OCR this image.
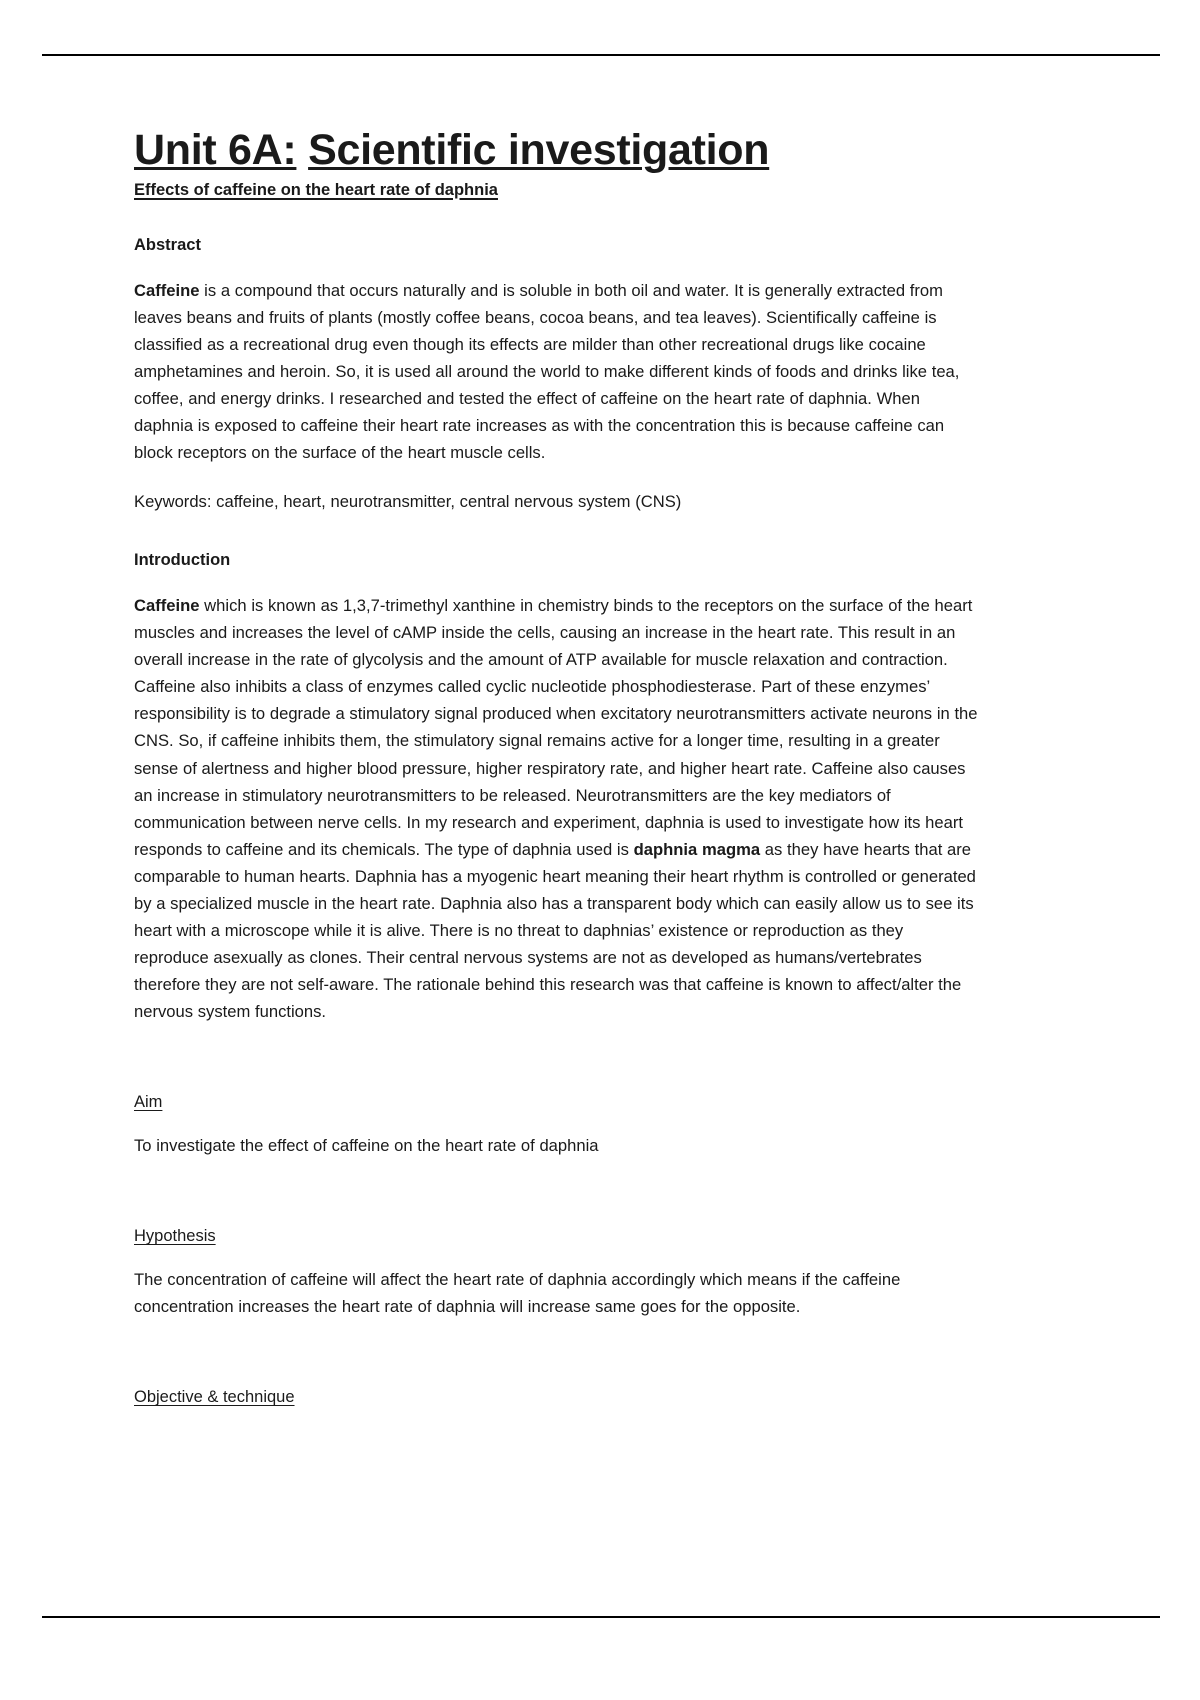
Unit 6A: Scientific investigation
Effects of caffeine on the heart rate of daphnia
Abstract

Caffeine is a compound that occurs naturally and is soluble in both oil and water. It is generally extracted from leaves beans and fruits of plants (mostly coffee beans, cocoa beans, and tea leaves). Scientifically caffeine is classified as a recreational drug even though its effects are milder than other recreational drugs like cocaine amphetamines and heroin. So, it is used all around the world to make different kinds of foods and drinks like tea, coffee, and energy drinks. I researched and tested the effect of caffeine on the heart rate of daphnia. When daphnia is exposed to caffeine their heart rate increases as with the concentration this is because caffeine can block receptors on the surface of the heart muscle cells.

Keywords: caffeine, heart, neurotransmitter, central nervous system (CNS)

Introduction

Caffeine which is known as 1,3,7-trimethyl xanthine in chemistry binds to the receptors on the surface of the heart muscles and increases the level of cAMP inside the cells, causing an increase in the heart rate. This result in an overall increase in the rate of glycolysis and the amount of ATP available for muscle relaxation and contraction. Caffeine also inhibits a class of enzymes called cyclic nucleotide phosphodiesterase. Part of these enzymes’ responsibility is to degrade a stimulatory signal produced when excitatory neurotransmitters activate neurons in the CNS. So, if caffeine inhibits them, the stimulatory signal remains active for a longer time, resulting in a greater sense of alertness and higher blood pressure, higher respiratory rate, and higher heart rate. Caffeine also causes an increase in stimulatory neurotransmitters to be released. Neurotransmitters are the key mediators of communication between nerve cells. In my research and experiment, daphnia is used to investigate how its heart responds to caffeine and its chemicals. The type of daphnia used is daphnia magma as they have hearts that are comparable to human hearts. Daphnia has a myogenic heart meaning their heart rhythm is controlled or generated by a specialized muscle in the heart rate. Daphnia also has a transparent body which can easily allow us to see its heart with a microscope while it is alive. There is no threat to daphnias’ existence or reproduction as they reproduce asexually as clones. Their central nervous systems are not as developed as humans/vertebrates therefore they are not self-aware. The rationale behind this research was that caffeine is known to affect/alter the nervous system functions.

Aim

To investigate the effect of caffeine on the heart rate of daphnia

Hypothesis

The concentration of caffeine will affect the heart rate of daphnia accordingly which means if the caffeine concentration increases the heart rate of daphnia will increase same goes for the opposite.

Objective & technique
